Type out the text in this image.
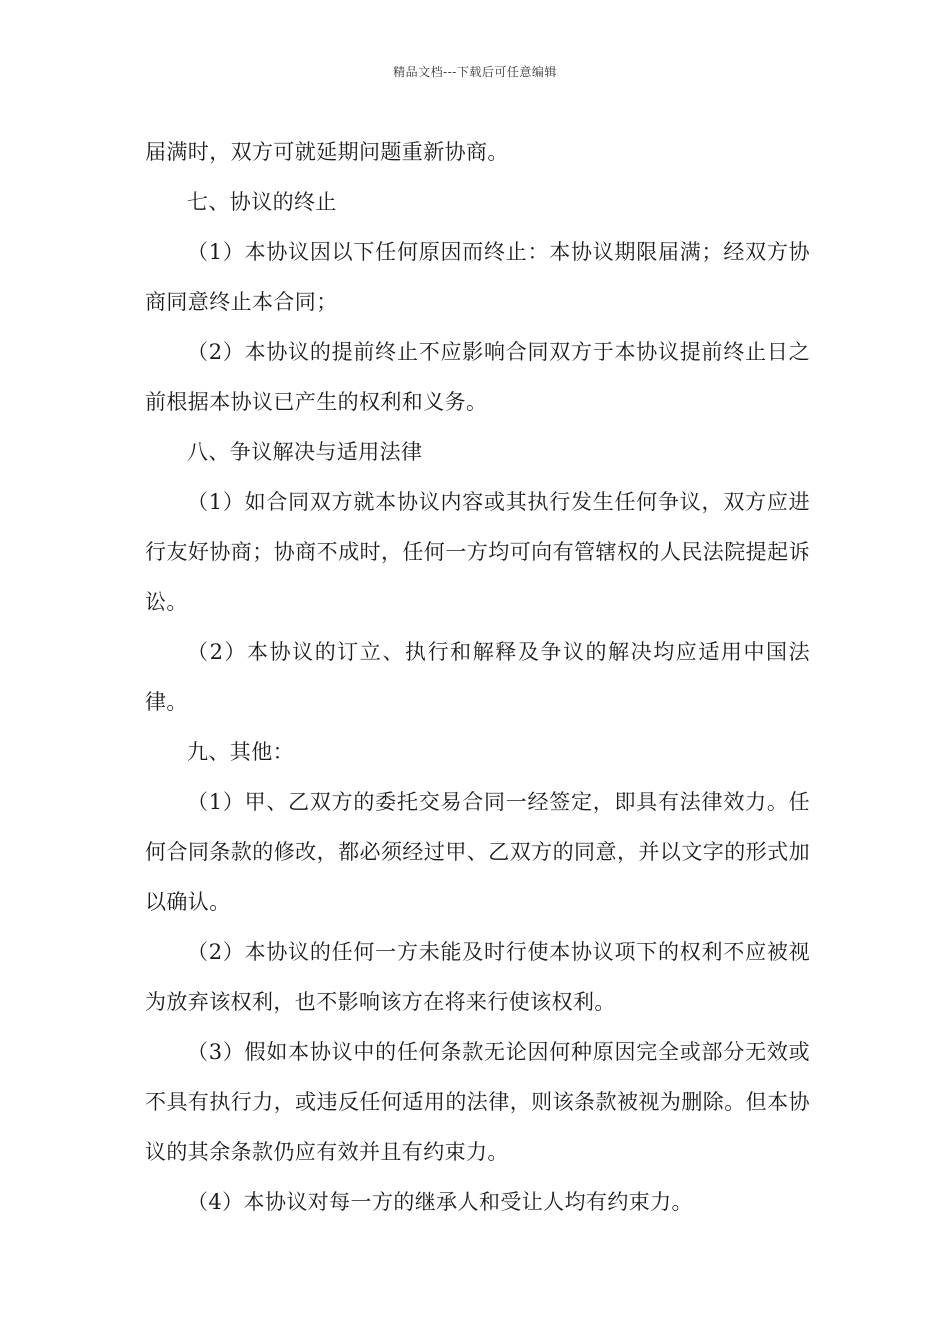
精品文档---下载后可任意编辑

届满时，双方可就延期问题重新协商。

七、协议的终止

（1）本协议因以下任何原因而终止：本协议期限届满；经双方协商同意终止本合同；

（2）本协议的提前终止不应影响合同双方于本协议提前终止日之前根据本协议已产生的权利和义务。

八、争议解决与适用法律

（1）如合同双方就本协议内容或其执行发生任何争议，双方应进行友好协商；协商不成时，任何一方均可向有管辖权的人民法院提起诉讼。

（2）本协议的订立、执行和解释及争议的解决均应适用中国法律。

九、其他：

（1）甲、乙双方的委托交易合同一经签定，即具有法律效力。任何合同条款的修改，都必须经过甲、乙双方的同意，并以文字的形式加以确认。

（2）本协议的任何一方未能及时行使本协议项下的权利不应被视为放弃该权利，也不影响该方在将来行使该权利。

（3）假如本协议中的任何条款无论因何种原因完全或部分无效或不具有执行力，或违反任何适用的法律，则该条款被视为删除。但本协议的其余条款仍应有效并且有约束力。

（4）本协议对每一方的继承人和受让人均有约束力。
